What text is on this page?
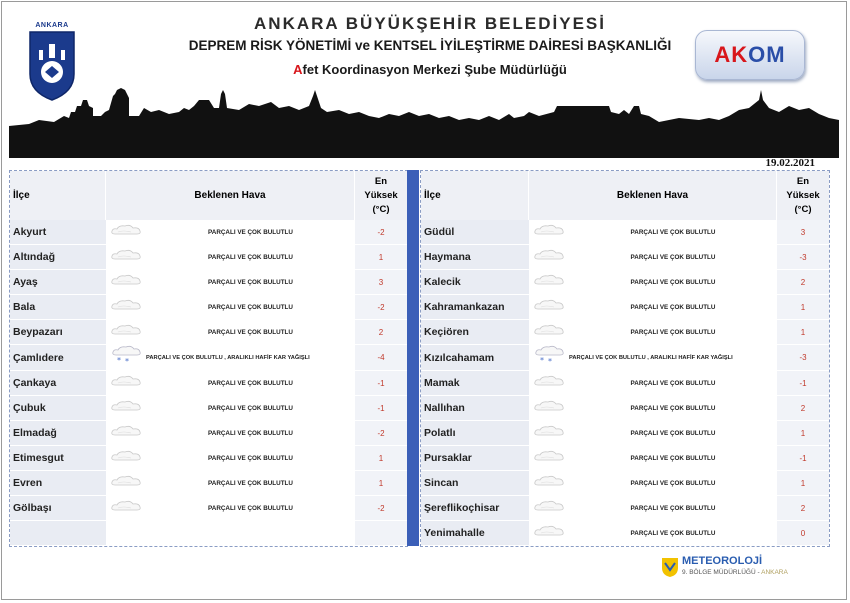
ANKARA	ANKARA BÜYÜKŞEHİR BELEDİYESİ
DEPREM RİSK YÖNETİMİ ve KENTSEL İYİLEŞTİRME DAİRESİ BAŞKANLIĞI
Afet Koordinasyon Merkezi Şube Müdürlüğü
AK O M
19.02.2021
İlçe	Beklenen Hava		En
Yüksek
(°C)
Akyurt		PARÇALI VE ÇOK BULUTLU	-2
Altındağ		PARÇALI VE ÇOK BULUTLU	1
Ayaş		PARÇALI VE ÇOK BULUTLU	3
Bala		PARÇALI VE ÇOK BULUTLU	-2
Beypazarı		PARÇALI VE ÇOK BULUTLU	2
Çamlıdere	* *	PARÇALI VE ÇOK BULUTLU , ARALIKLI HAFİF KAR YAĞIŞLI	-4
Çankaya		PARÇALI VE ÇOK BULUTLU	-1
Çubuk		PARÇALI VE ÇOK BULUTLU	-1
Elmadağ		PARÇALI VE ÇOK BULUTLU	-2
Etimesgut		PARÇALI VE ÇOK BULUTLU	1
Evren		PARÇALI VE ÇOK BULUTLU	1
Gölbaşı		PARÇALI VE ÇOK BULUTLU	-2

İlçe	Beklenen Hava		En
Yüksek
(°C)
Güdül		PARÇALI VE ÇOK BULUTLU	3
Haymana		PARÇALI VE ÇOK BULUTLU	-3
Kalecik		PARÇALI VE ÇOK BULUTLU	2
Kahramankazan		PARÇALI VE ÇOK BULUTLU	1
Keçiören		PARÇALI VE ÇOK BULUTLU	1
Kızılcahamam	* *	PARÇALI VE ÇOK BULUTLU , ARALIKLI HAFİF KAR YAĞIŞLI	-3
Mamak		PARÇALI VE ÇOK BULUTLU	-1
Nallıhan		PARÇALI VE ÇOK BULUTLU	2
Polatlı		PARÇALI VE ÇOK BULUTLU	1
Pursaklar		PARÇALI VE ÇOK BULUTLU	-1
Sincan		PARÇALI VE ÇOK BULUTLU	1
Şereflikoçhisar		PARÇALI VE ÇOK BULUTLU	2
Yenimahalle		PARÇALI VE ÇOK BULUTLU	0
METEOROLOJİ
9. BÖLGE MÜDÜRLÜĞÜ - ANKARA
